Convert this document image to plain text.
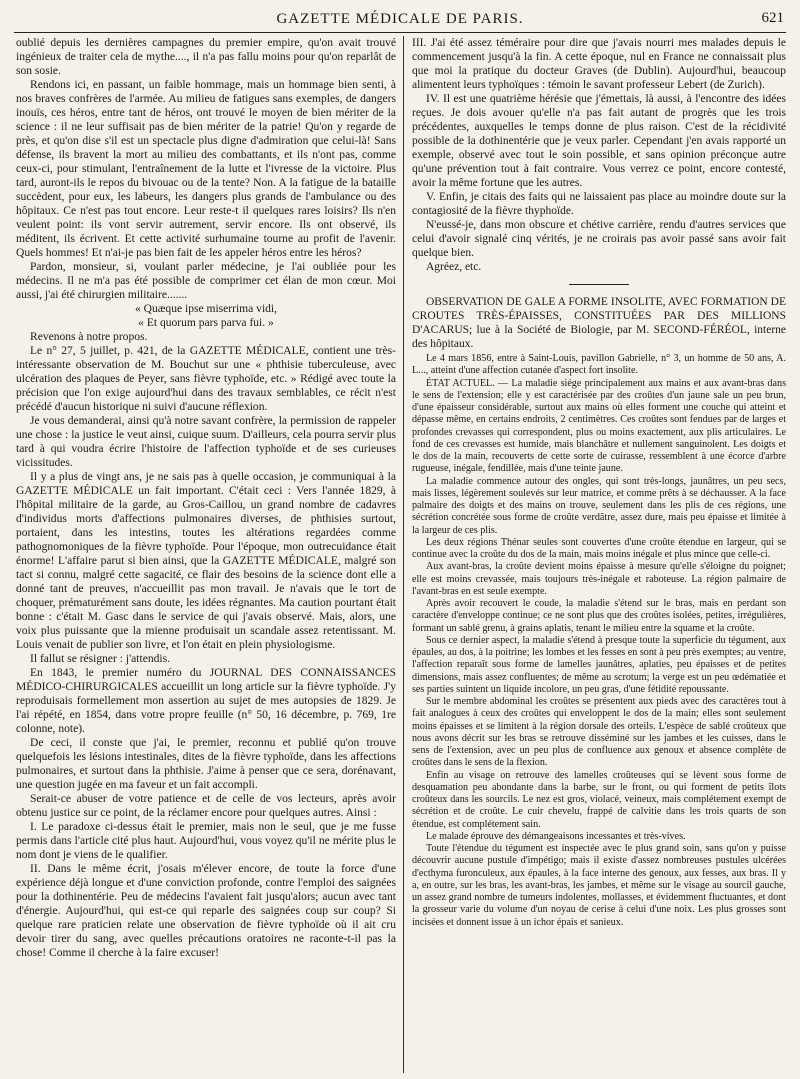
GAZETTE MÉDICALE DE PARIS.	621

oublié depuis les dernières campagnes du premier empire, qu'on avait trouvé ingénieux de traiter cela de mythe...., il n'a pas fallu moins pour qu'on reparlât de son sosie.

Rendons ici, en passant, un faible hommage, mais un hommage bien senti, à nos braves confrères de l'armée. Au milieu de fatigues sans exemples, de dangers inouïs, ces héros, entre tant de héros, ont trouvé le moyen de bien mériter de la science : il ne leur suffisait pas de bien mériter de la patrie! Qu'on y regarde de près, et qu'on dise s'il est un spectacle plus digne d'admiration que celui-là! Sans défense, ils bravent la mort au milieu des combattants, et ils n'ont pas, comme ceux-ci, pour stimulant, l'entraînement de la lutte et l'ivresse de la victoire. Plus tard, auront-ils le repos du bivouac ou de la tente? Non. A la fatigue de la bataille succèdent, pour eux, les labeurs, les dangers plus grands de l'ambulance ou des hôpitaux. Ce n'est pas tout encore. Leur reste-t il quelques rares loisirs? Ils n'en veulent point: ils vont servir autrement, servir encore. Ils ont observé, ils méditent, ils écrivent. Et cette activité surhumaine tourne au profit de l'avenir. Quels hommes! Et n'ai-je pas bien fait de les appeler héros entre les héros?

Pardon, monsieur, si, voulant parler médecine, je l'ai oubliée pour les médecins. Il ne m'a pas été possible de comprimer cet élan de mon cœur. Moi aussi, j'ai été chirurgien militaire.......

« Quæque ipse miserrima vidi,

« Et quorum pars parva fui. »

Revenons à notre propos.

Le n° 27, 5 juillet, p. 421, de la GAZETTE MÉDICALE, contient une très-intéressante observation de M. Bouchut sur une « phthisie tuberculeuse, avec ulcération des plaques de Peyer, sans fièvre typhoïde, etc. » Rédigé avec toute la précision que l'on exige aujourd'hui dans des travaux semblables, ce récit n'est précédé d'aucun historique ni suivi d'aucune réflexion.

Je vous demanderai, ainsi qu'à notre savant confrère, la permission de rappeler une chose : la justice le veut ainsi, cuique suum. D'ailleurs, cela pourra servir plus tard à qui voudra écrire l'histoire de l'affection typhoïde et de ses curieuses vicissitudes.

Il y a plus de vingt ans, je ne sais pas à quelle occasion, je communiquai à la GAZETTE MÉDICALE un fait important. C'était ceci : Vers l'année 1829, à l'hôpital militaire de la garde, au Gros-Caillou, un grand nombre de cadavres d'individus morts d'affections pulmonaires diverses, de phthisies surtout, portaient, dans les intestins, toutes les altérations regardées comme pathognomoniques de la fièvre typhoïde. Pour l'époque, mon outrecuidance était énorme! L'affaire parut si bien ainsi, que la GAZETTE MÉDICALE, malgré son tact si connu, malgré cette sagacité, ce flair des besoins de la science dont elle a donné tant de preuves, n'accueillit pas mon travail. Je n'avais que le tort de choquer, prématurément sans doute, les idées régnantes. Ma caution pourtant était bonne : c'était M. Gasc dans le service de qui j'avais observé. Mais, alors, une voix plus puissante que la mienne produisait un scandale assez retentissant. M. Louis venait de publier son livre, et l'on était en plein physiologisme.

Il fallut se résigner : j'attendis.

En 1843, le premier numéro du JOURNAL DES CONNAISSANCES MÉDICO-CHIRURGICALES accueillit un long article sur la fièvre typhoïde. J'y reproduisais formellement mon assertion au sujet de mes autopsies de 1829. Je l'ai répété, en 1854, dans votre propre feuille (n° 50, 16 décembre, p. 769, 1re colonne, note).

De ceci, il conste que j'ai, le premier, reconnu et publié qu'on trouve quelquefois les lésions intestinales, dites de la fièvre typhoïde, dans les affections pulmonaires, et surtout dans la phthisie. J'aime à penser que ce sera, dorénavant, une question jugée en ma faveur et un fait accompli.

Serait-ce abuser de votre patience et de celle de vos lecteurs, après avoir obtenu justice sur ce point, de la réclamer encore pour quelques autres. Ainsi :

I. Le paradoxe ci-dessus était le premier, mais non le seul, que je me fusse permis dans l'article cité plus haut. Aujourd'hui, vous voyez qu'il ne mérite plus le nom dont je viens de le qualifier.

II. Dans le même écrit, j'osais m'élever encore, de toute la force d'une expérience déjà longue et d'une conviction profonde, contre l'emploi des saignées pour la dothinentérie. Peu de médecins l'avaient fait jusqu'alors; aucun avec tant d'énergie. Aujourd'hui, qui est-ce qui reparle des saignées coup sur coup? Si quelque rare praticien relate une observation de fièvre typhoïde où il ait cru devoir tirer du sang, avec quelles précautions oratoires ne raconte-t-il pas la chose! Comme il cherche à la faire excuser!

III. J'ai été assez téméraire pour dire que j'avais nourri mes malades depuis le commencement jusqu'à la fin. A cette époque, nul en France ne connaissait plus que moi la pratique du docteur Graves (de Dublin). Aujourd'hui, beaucoup alimentent leurs typhoïques : témoin le savant professeur Lebert (de Zurich).

IV. Il est une quatrième hérésie que j'émettais, là aussi, à l'encontre des idées reçues. Je dois avouer qu'elle n'a pas fait autant de progrès que les trois précédentes, auxquelles le temps donne de plus raison. C'est de la récidivité possible de la dothinentérie que je veux parler. Cependant j'en avais rapporté un exemple, observé avec tout le soin possible, et sans opinion préconçue autre qu'une prévention tout à fait contraire. Vous verrez ce point, encore contesté, avoir la même fortune que les autres.

V. Enfin, je citais des faits qui ne laissaient pas place au moindre doute sur la contagiosité de la fièvre thyphoïde.

N'eussé-je, dans mon obscure et chétive carrière, rendu d'autres services que celui d'avoir signalé cinq vérités, je ne croirais pas avoir passé sans avoir fait quelque bien.

Agréez, etc.

OBSERVATION DE GALE A FORME INSOLITE, AVEC FORMATION DE CROUTES TRÈS-ÉPAISSES, CONSTITUÉES PAR DES MILLIONS D'ACARUS; lue à la Société de Biologie, par M. SECOND-FÉRÉOL, interne des hôpitaux.

Le 4 mars 1856, entre à Saint-Louis, pavillon Gabrielle, n° 3, un homme de 50 ans, A. L..., atteint d'une affection cutanée d'aspect fort insolite.

ÉTAT ACTUEL. — La maladie siége principalement aux mains et aux avant-bras dans le sens de l'extension; elle y est caractérisée par des croûtes d'un jaune sale un peu brun, d'une épaisseur considérable, surtout aux mains où elles forment une couche qui atteint et dépasse même, en certains endroits, 2 centimètres. Ces croûtes sont fendues par de larges et profondes crevasses qui correspondent, plus ou moins exactement, aux plis articulaires. Le fond de ces crevasses est humide, mais blanchâtre et nullement sanguinolent. Les doigts et le dos de la main, recouverts de cette sorte de cuirasse, ressemblent à une écorce d'arbre rugueuse, inégale, fendillée, mais d'une teinte jaune.

La maladie commence autour des ongles, qui sont très-longs, jaunâtres, un peu secs, mais lisses, légèrement soulevés sur leur matrice, et comme prêts à se déchausser. A la face palmaire des doigts et des mains on trouve, seulement dans les plis de ces régions, une sécrétion concrétée sous forme de croûte verdâtre, assez dure, mais peu épaisse et limitée à la largeur de ces plis.

Les deux régions Thénar seules sont couvertes d'une croûte étendue en largeur, qui se continue avec la croûte du dos de la main, mais moins inégale et plus mince que celle-ci.

Aux avant-bras, la croûte devient moins épaisse à mesure qu'elle s'éloigne du poignet; elle est moins crevassée, mais toujours très-inégale et raboteuse. La région palmaire de l'avant-bras en est seule exempte.

Après avoir recouvert le coude, la maladie s'étend sur le bras, mais en perdant son caractère d'enveloppe continue; ce ne sont plus que des croûtes isolées, petites, irrégulières, formant un sablé grenu, à grains aplatis, tenant le milieu entre la squame et la croûte.

Sous ce dernier aspect, la maladie s'étend à presque toute la superficie du tégument, aux épaules, au dos, à la poitrine; les lombes et les fesses en sont à peu près exemptes; au ventre, l'affection reparaît sous forme de lamelles jaunâtres, aplaties, peu épaisses et de petites dimensions, mais assez confluentes; de même au scrotum; la verge est un peu œdématiée et ses parties suintent un liquide incolore, un peu gras, d'une fétidité repoussante.

Sur le membre abdominal les croûtes se présentent aux pieds avec des caractères tout à fait analogues à ceux des croûtes qui enveloppent le dos de la main; elles sont seulement moins épaisses et se limitent à la région dorsale des orteils. L'espèce de sablé croûteux que nous avons décrit sur les bras se retrouve disséminé sur les jambes et les cuisses, dans le sens de l'extension, avec un peu plus de confluence aux genoux et absence complète de croûtes dans le sens de la flexion.

Enfin au visage on retrouve des lamelles croûteuses qui se lèvent sous forme de desquamation peu abondante dans la barbe, sur le front, ou qui forment de petits îlots croûteux dans les sourcils. Le nez est gros, violacé, veineux, mais complétement exempt de sécrétion et de croûte. Le cuir chevelu, frappé de calvitie dans les trois quarts de son étendue, est complétement sain.

Le malade éprouve des démangeaisons incessantes et très-vives.

Toute l'étendue du tégument est inspectée avec le plus grand soin, sans qu'on y puisse découvrir aucune pustule d'impétigo; mais il existe d'assez nombreuses pustules ulcérées d'ecthyma furonculeux, aux épaules, à la face interne des genoux, aux fesses, aux bras. Il y a, en outre, sur les bras, les avant-bras, les jambes, et même sur le visage au sourcil gauche, un assez grand nombre de tumeurs indolentes, mollasses, et évidemment fluctuantes, et dont la grosseur varie du volume d'un noyau de cerise à celui d'une noix. Les plus grosses sont incisées et donnent issue à un ichor épais et sanieux.
